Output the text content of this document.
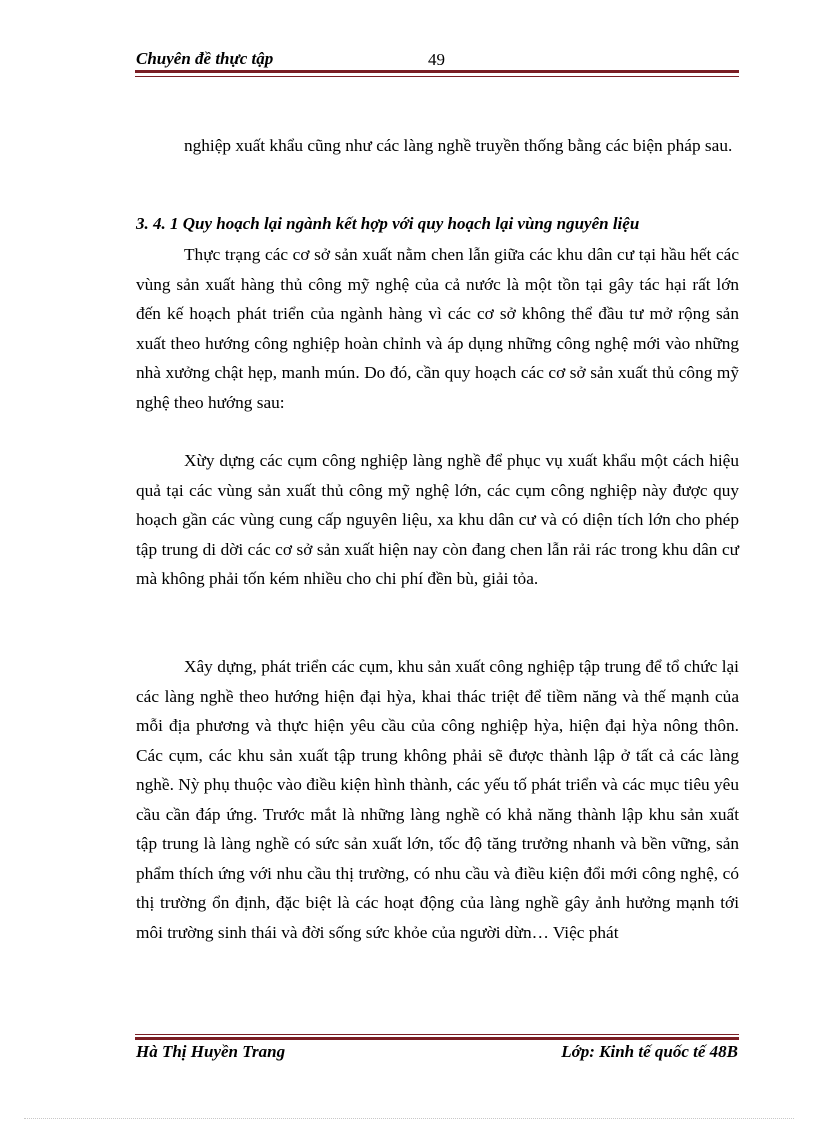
Chuyên đề thực tập	49

nghiệp xuất khẩu cũng như các làng nghề truyền thống bằng các biện pháp sau.

3. 4. 1 Quy hoạch lại ngành kết hợp với quy hoạch lại vùng nguyên liệu

Thực trạng các cơ sở sản xuất nằm chen lẫn giữa các khu dân cư tại hầu hết các vùng sản xuất hàng thủ công mỹ nghệ của cả nước là một tồn tại gây tác hại rất lớn đến kế hoạch phát triển của ngành hàng vì các cơ sở không thể đầu tư mở rộng sản xuất theo hướng công nghiệp hoàn chỉnh và áp dụng những công nghệ mới vào những nhà xưởng chật hẹp, manh mún. Do đó, cần quy hoạch các cơ sở sản xuất thủ công mỹ nghệ theo hướng sau:

Xừy dựng các cụm công nghiệp làng nghề để phục vụ xuất khẩu một cách hiệu quả tại các vùng sản xuất thủ công mỹ nghệ lớn, các cụm công nghiệp này được quy hoạch gần các vùng cung cấp nguyên liệu, xa khu dân cư và có diện tích lớn cho phép tập trung di dời các cơ sở sản xuất hiện nay còn đang chen lẫn rải rác trong khu dân cư mà không phải tốn kém nhiều cho chi phí đền bù, giải tỏa.

Xây dựng, phát triển các cụm, khu sản xuất công nghiệp tập trung để tổ chức lại các làng nghề theo hướng hiện đại hỳa, khai thác triệt để tiềm năng và thế mạnh của mỗi địa phương và thực hiện yêu cầu của công nghiệp hỳa, hiện đại hỳa nông thôn. Các cụm, các khu sản xuất tập trung không phải sẽ được thành lập ở tất cả các làng nghề. Nỳ phụ thuộc vào điều kiện hình thành, các yếu tố phát triển và các mục tiêu yêu cầu cần đáp ứng. Trước mắt là những làng nghề có khả năng thành lập khu sản xuất tập trung là làng nghề có sức sản xuất lớn, tốc độ tăng trưởng nhanh và bền vững, sản phẩm thích ứng với nhu cầu thị trường, có nhu cầu và điều kiện đổi mới công nghệ, có thị trường ổn định, đặc biệt là các hoạt động của làng nghề gây ảnh hưởng mạnh tới môi trường sinh thái và đời sống sức khỏe của người dừn… Việc phát

Hà Thị Huyền Trang	Lớp: Kinh tế quốc tế 48B
